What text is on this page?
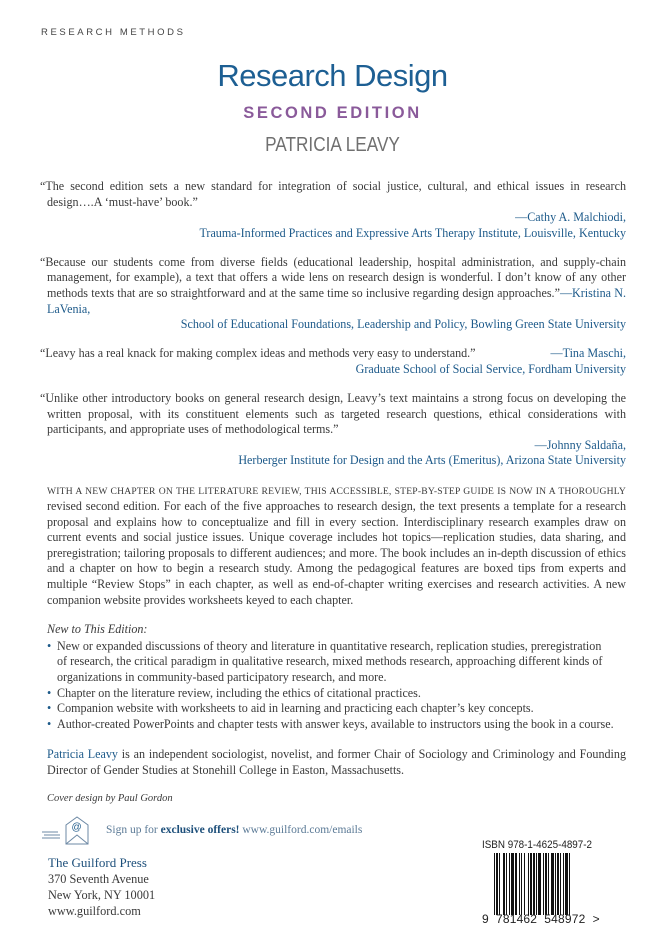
RESEARCH METHODS
Research Design
SECOND EDITION
PATRICIA LEAVY
“The second edition sets a new standard for integration of social justice, cultural, and ethical issues in research design….A ‘must-have’ book.”
—Cathy A. Malchiodi,
Trauma-Informed Practices and Expressive Arts Therapy Institute, Louisville, Kentucky
“Because our students come from diverse fields (educational leadership, hospital administration, and supply-chain management, for example), a text that offers a wide lens on research design is wonderful. I don’t know of any other methods texts that are so straightforward and at the same time so inclusive regarding design approaches.”—Kristina N. LaVenia,
School of Educational Foundations, Leadership and Policy, Bowling Green State University
“Leavy has a real knack for making complex ideas and methods very easy to understand.”	—Tina Maschi,
Graduate School of Social Service, Fordham University
“Unlike other introductory books on general research design, Leavy’s text maintains a strong focus on developing the written proposal, with its constituent elements such as targeted research questions, ethical considerations with participants, and appropriate uses of methodological terms.”
—Johnny Saldaña,
Herberger Institute for Design and the Arts (Emeritus), Arizona State University
WITH A NEW CHAPTER ON THE LITERATURE REVIEW, THIS ACCESSIBLE, STEP-BY-STEP GUIDE IS NOW IN A THOROUGHLY revised second edition. For each of the five approaches to research design, the text presents a template for a research proposal and explains how to conceptualize and fill in every section. Interdisciplinary research examples draw on current events and social justice issues. Unique coverage includes hot topics—replication studies, data sharing, and preregistration; tailoring proposals to different audiences; and more. The book includes an in-depth discussion of ethics and a chapter on how to begin a research study. Among the pedagogical features are boxed tips from experts and multiple “Review Stops” in each chapter, as well as end-of-chapter writing exercises and research activities. A new companion website provides worksheets keyed to each chapter.
New to This Edition:
• New or expanded discussions of theory and literature in quantitative research, replication studies, preregistration of research, the critical paradigm in qualitative research, mixed methods research, approaching different kinds of organizations in community-based participatory research, and more.
• Chapter on the literature review, including the ethics of citational practices.
• Companion website with worksheets to aid in learning and practicing each chapter’s key concepts.
• Author-created PowerPoints and chapter tests with answer keys, available to instructors using the book in a course.
Patricia Leavy is an independent sociologist, novelist, and former Chair of Sociology and Criminology and Founding Director of Gender Studies at Stonehill College in Easton, Massachusetts.
Cover design by Paul Gordon
@ Sign up for exclusive offers! www.guilford.com/emails
The Guilford Press
370 Seventh Avenue
New York, NY 10001
www.guilford.com
ISBN 978-1-4625-4897-2
9  781462  548972  >
